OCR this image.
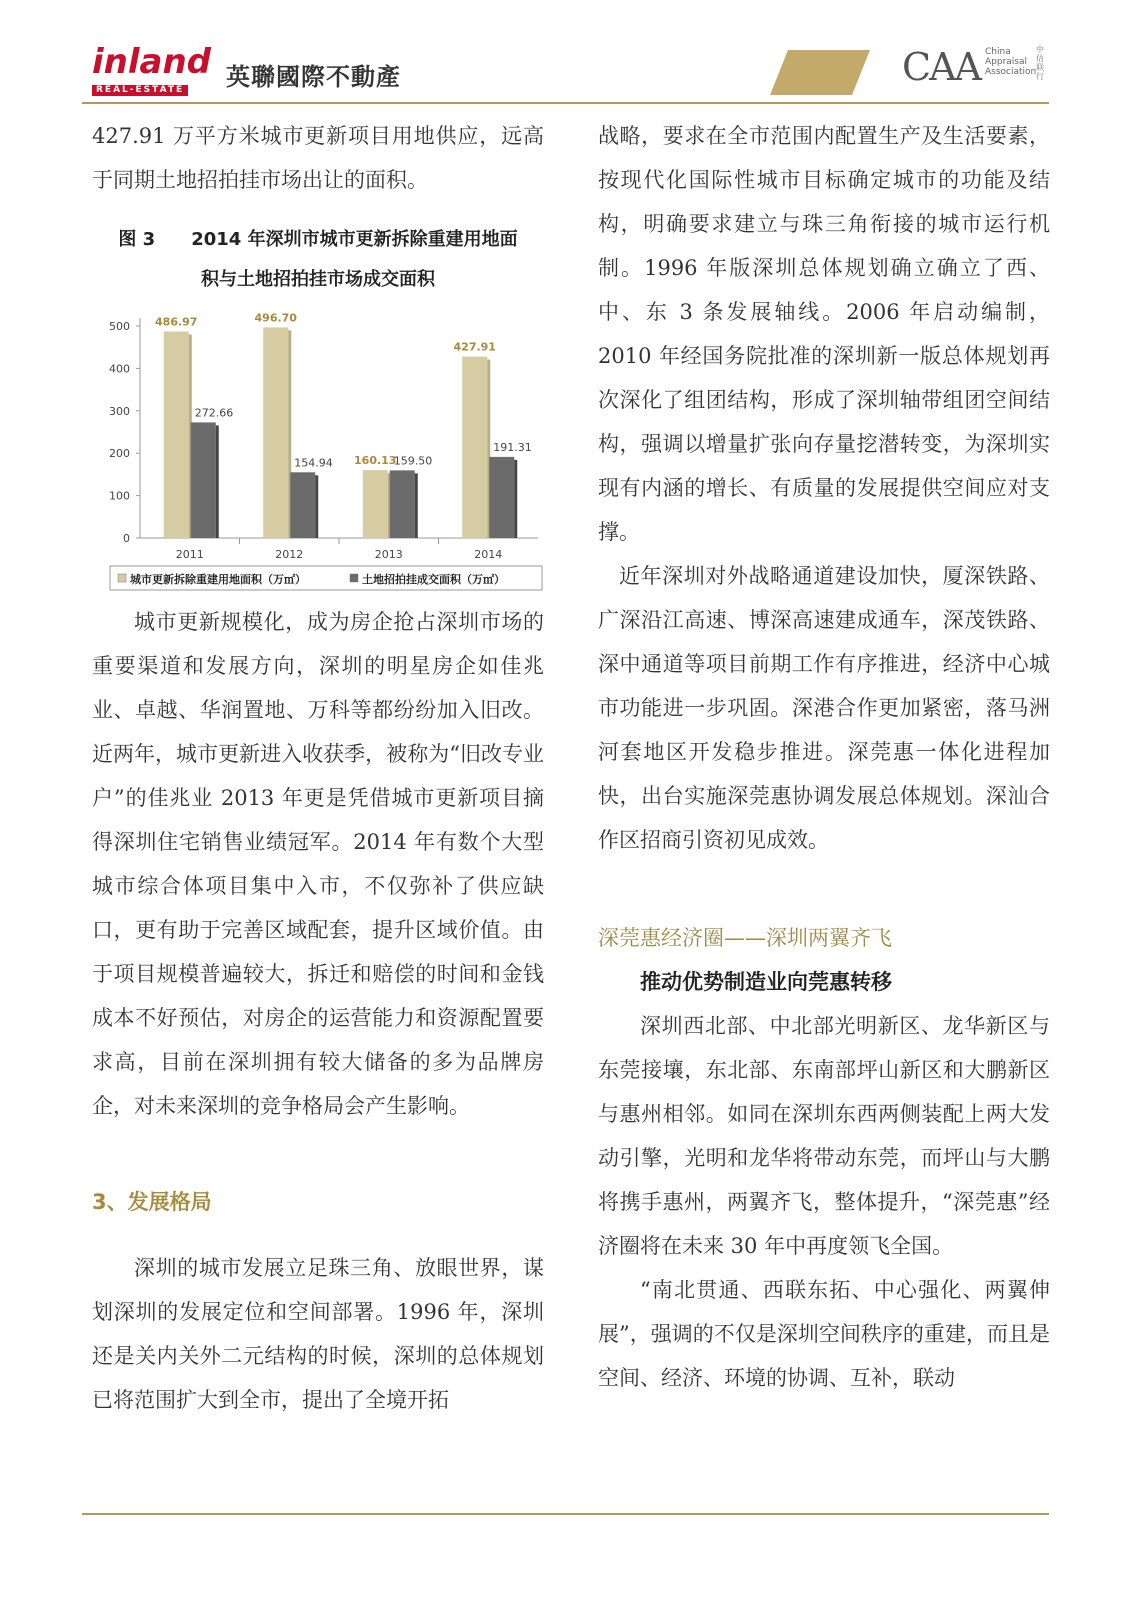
inland
REAL-ESTATE	英聯國際不動產	CAA China
Appraisal
Association
中估联行

427.91 万平方米城市更新项目用地供应，远高于同期土地招拍挂市场出让的面积。

图 3 2014 年深圳市城市更新拆除重建用地面
积与土地招拍挂市场成交面积
0
100
200
300
400
500
2011
486.97
272.66
2012
496.70
154.94
2013
160.13
159.50
2014
427.91
191.31
城市更新拆除重建用地面积（万㎡）	土地招拍挂成交面积（万㎡）

城市更新规模化，成为房企抢占深圳市场的重要渠道和发展方向，深圳的明星房企如佳兆业、卓越、华润置地、万科等都纷纷加入旧改。近两年，城市更新进入收获季，被称为“旧改专业户”的佳兆业 2013 年更是凭借城市更新项目摘得深圳住宅销售业绩冠军。2014 年有数个大型城市综合体项目集中入市，不仅弥补了供应缺口，更有助于完善区域配套，提升区域价值。由于项目规模普遍较大，拆迁和赔偿的时间和金钱成本不好预估，对房企的运营能力和资源配置要求高，目前在深圳拥有较大储备的多为品牌房企，对未来深圳的竞争格局会产生影响。

3、发展格局

深圳的城市发展立足珠三角、放眼世界，谋划深圳的发展定位和空间部署。1996 年，深圳还是关内关外二元结构的时候，深圳的总体规划已将范围扩大到全市，提出了全境开拓

战略，要求在全市范围内配置生产及生活要素，按现代化国际性城市目标确定城市的功能及结构，明确要求建立与珠三角衔接的城市运行机制。1996 年版深圳总体规划确立确立了西、中、东 3 条发展轴线。2006 年启动编制，2010 年经国务院批准的深圳新一版总体规划再次深化了组团结构，形成了深圳轴带组团空间结构，强调以增量扩张向存量挖潜转变，为深圳实现有内涵的增长、有质量的发展提供空间应对支撑。

近年深圳对外战略通道建设加快，厦深铁路、广深沿江高速、博深高速建成通车，深茂铁路、深中通道等项目前期工作有序推进，经济中心城市功能进一步巩固。深港合作更加紧密，落马洲河套地区开发稳步推进。深莞惠一体化进程加快，出台实施深莞惠协调发展总体规划。深汕合作区招商引资初见成效。

深莞惠经济圈——深圳两翼齐飞

推动优势制造业向莞惠转移

深圳西北部、中北部光明新区、龙华新区与东莞接壤，东北部、东南部坪山新区和大鹏新区与惠州相邻。如同在深圳东西两侧装配上两大发动引擎，光明和龙华将带动东莞，而坪山与大鹏将携手惠州，两翼齐飞，整体提升，“深莞惠”经济圈将在未来 30 年中再度领飞全国。

“南北贯通、西联东拓、中心强化、两翼伸展”，强调的不仅是深圳空间秩序的重建，而且是空间、经济、环境的协调、互补，联动
